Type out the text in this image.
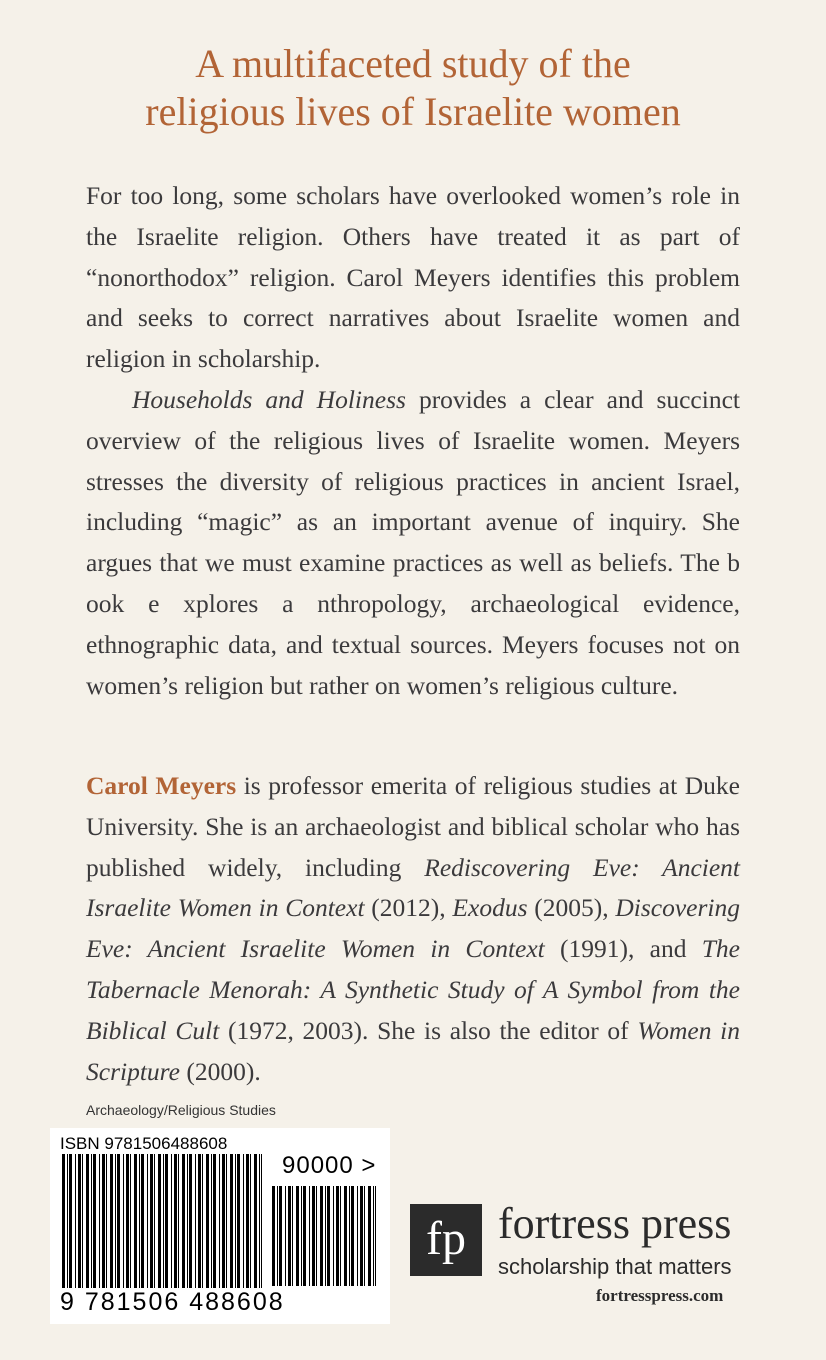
A multifaceted study of the
religious lives of Israelite women

For too long, some scholars have overlooked women’s role in the Israelite religion. Others have treated it as part of “nonorthodox” religion. Carol Meyers identifies this problem and seeks to correct narratives about Israelite women and religion in scholarship.

Households and Holiness provides a clear and succinct overview of the religious lives of Israelite women. Meyers stresses the diversity of religious practices in ancient Israel, including “magic” as an important avenue of inquiry. She argues that we must examine practices as well as beliefs. The b ook e xplores a nthropology, archaeological evidence, ethnographic data, and textual sources. Meyers focuses not on women’s religion but rather on women’s religious culture.

Carol Meyers is professor emerita of religious studies at Duke University. She is an archaeologist and biblical scholar who has published widely, including Rediscovering Eve: Ancient Israelite Women in Context (2012), Exodus (2005), Discovering Eve: Ancient Israelite Women in Context (1991), and The Tabernacle Menorah: A Synthetic Study of A Symbol from the Biblical Cult (1972, 2003). She is also the editor of Women in Scripture (2000).

Archaeology/Religious Studies
ISBN 9781506488608
90000 >
9 781506 488608
fp fortress press
scholarship that matters
fortresspress.com
